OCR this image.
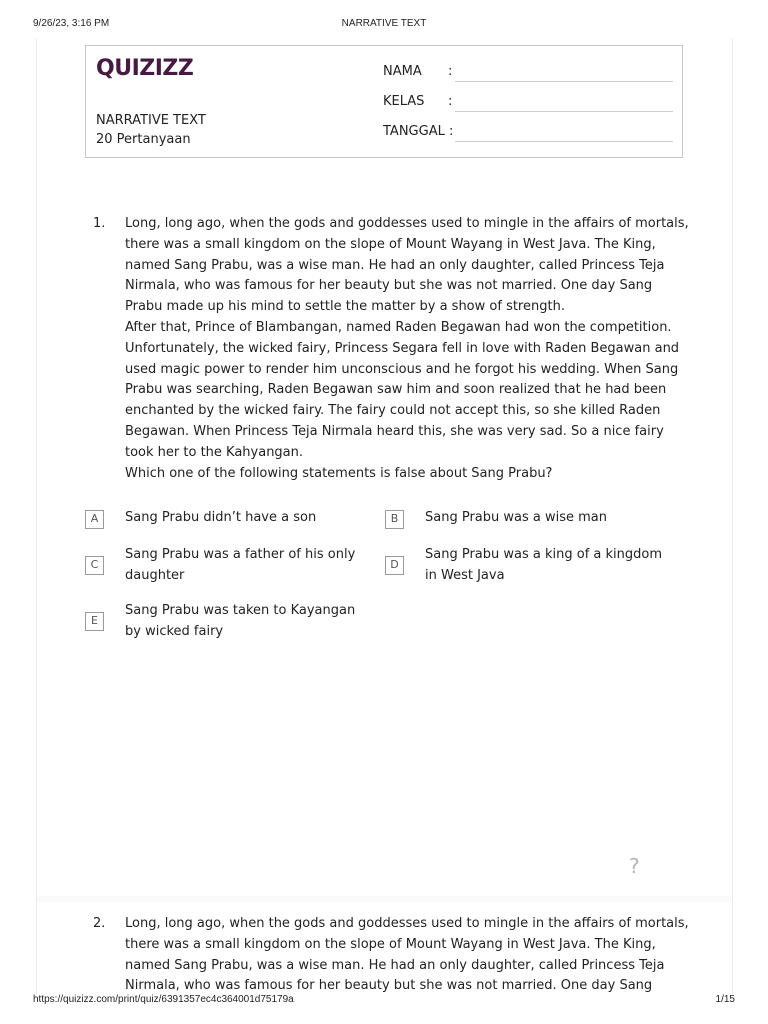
9/26/23, 3:16 PM	NARRATIVE TEXT
QUIZIZZ
NARRATIVE TEXT
20 Pertanyaan
NAMA :
KELAS :
TANGGAL :
1. Long, long ago, when the gods and goddesses used to mingle in the affairs of mortals, there was a small kingdom on the slope of Mount Wayang in West Java. The King, named Sang Prabu, was a wise man. He had an only daughter, called Princess Teja Nirmala, who was famous for her beauty but she was not married. One day Sang Prabu made up his mind to settle the matter by a show of strength.

After that, Prince of Blambangan, named Raden Begawan had won the competition. Unfortunately, the wicked fairy, Princess Segara fell in love with Raden Begawan and used magic power to render him unconscious and he forgot his wedding. When Sang Prabu was searching, Raden Begawan saw him and soon realized that he had been enchanted by the wicked fairy. The fairy could not accept this, so she killed Raden Begawan. When Princess Teja Nirmala heard this, she was very sad. So a nice fairy took her to the Kahyangan.

Which one of the following statements is false about Sang Prabu?

A	Sang Prabu didn’t have a son	B	Sang Prabu was a wise man
C
Sang Prabu was a father of his only daughter
D
Sang Prabu was a king of a kingdom in West Java
E
Sang Prabu was taken to Kayangan by wicked fairy
?
2. Long, long ago, when the gods and goddesses used to mingle in the affairs of mortals, there was a small kingdom on the slope of Mount Wayang in West Java. The King, named Sang Prabu, was a wise man. He had an only daughter, called Princess Teja Nirmala, who was famous for her beauty but she was not married. One day Sang

https://quizizz.com/print/quiz/6391357ec4c364001d75179a	1/15
